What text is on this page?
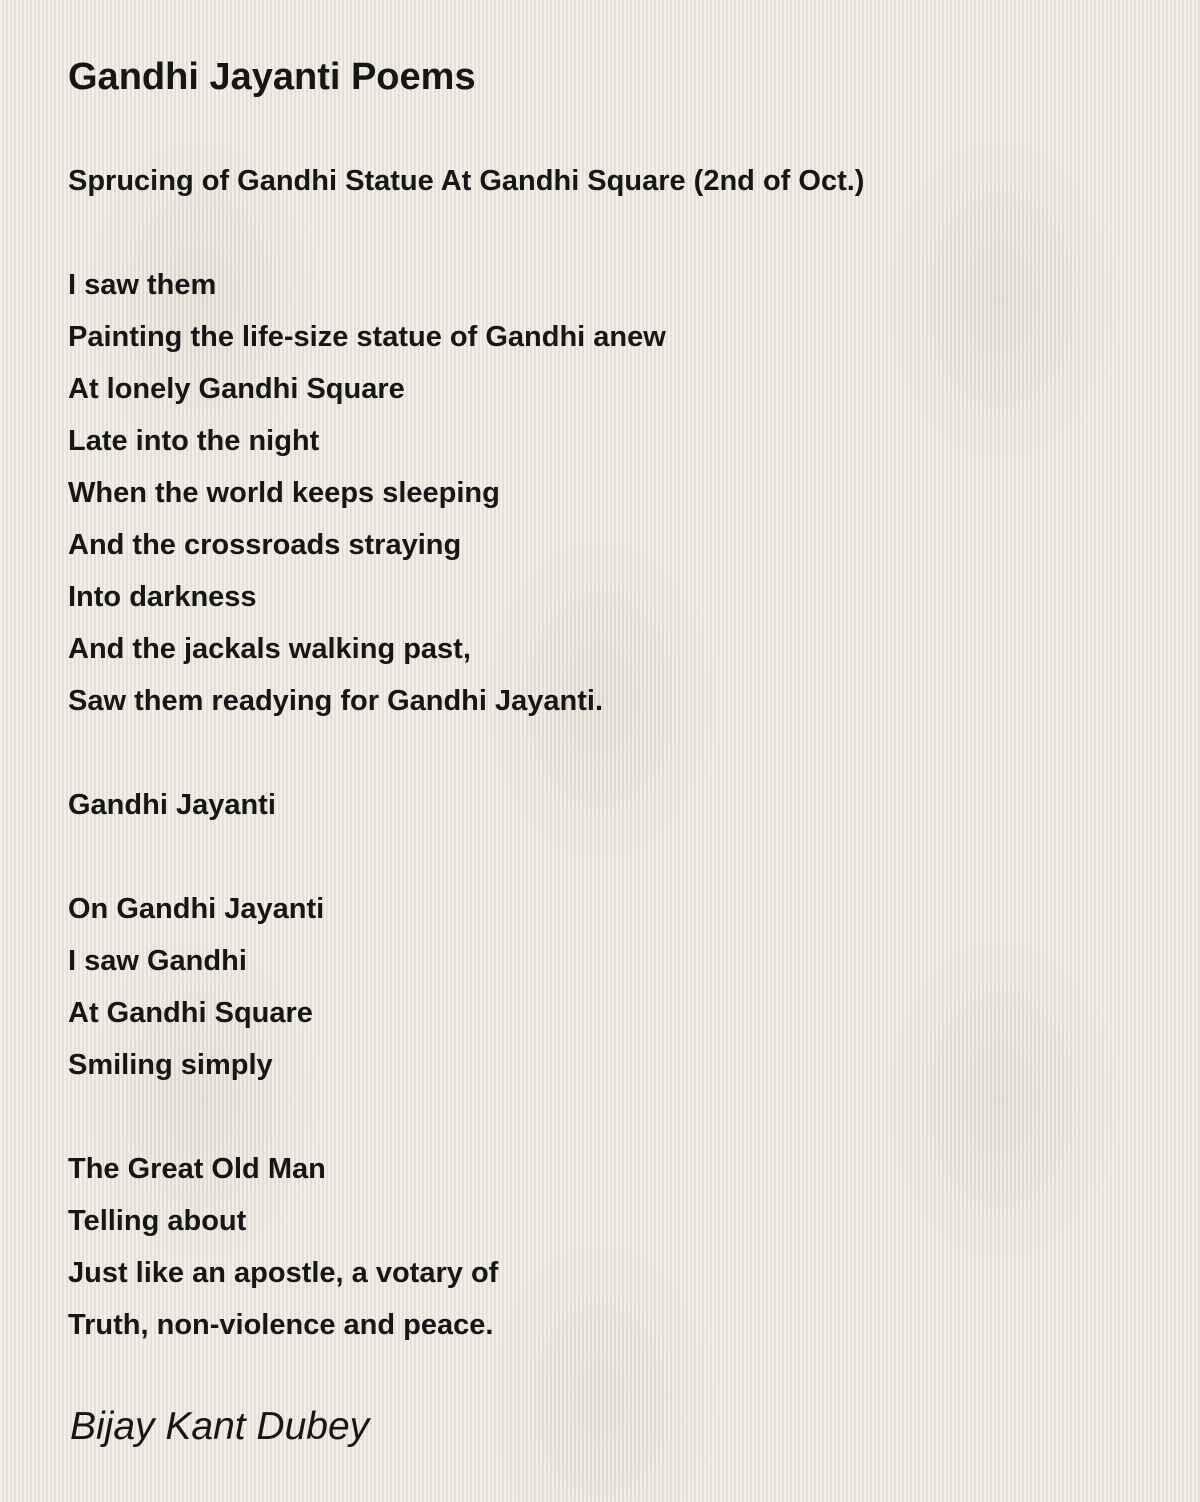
Gandhi Jayanti Poems
Sprucing of Gandhi Statue At Gandhi Square (2nd of Oct.)
I saw them
Painting the life-size statue of Gandhi anew
At lonely Gandhi Square
Late into the night
When the world keeps sleeping
And the crossroads straying
Into darkness
And the jackals walking past,
Saw them readying for Gandhi Jayanti.
Gandhi Jayanti
On Gandhi Jayanti
I saw Gandhi
At Gandhi Square
Smiling simply
The Great Old Man
Telling about
Just like an apostle, a votary of
Truth, non-violence and peace.
Bijay Kant Dubey
